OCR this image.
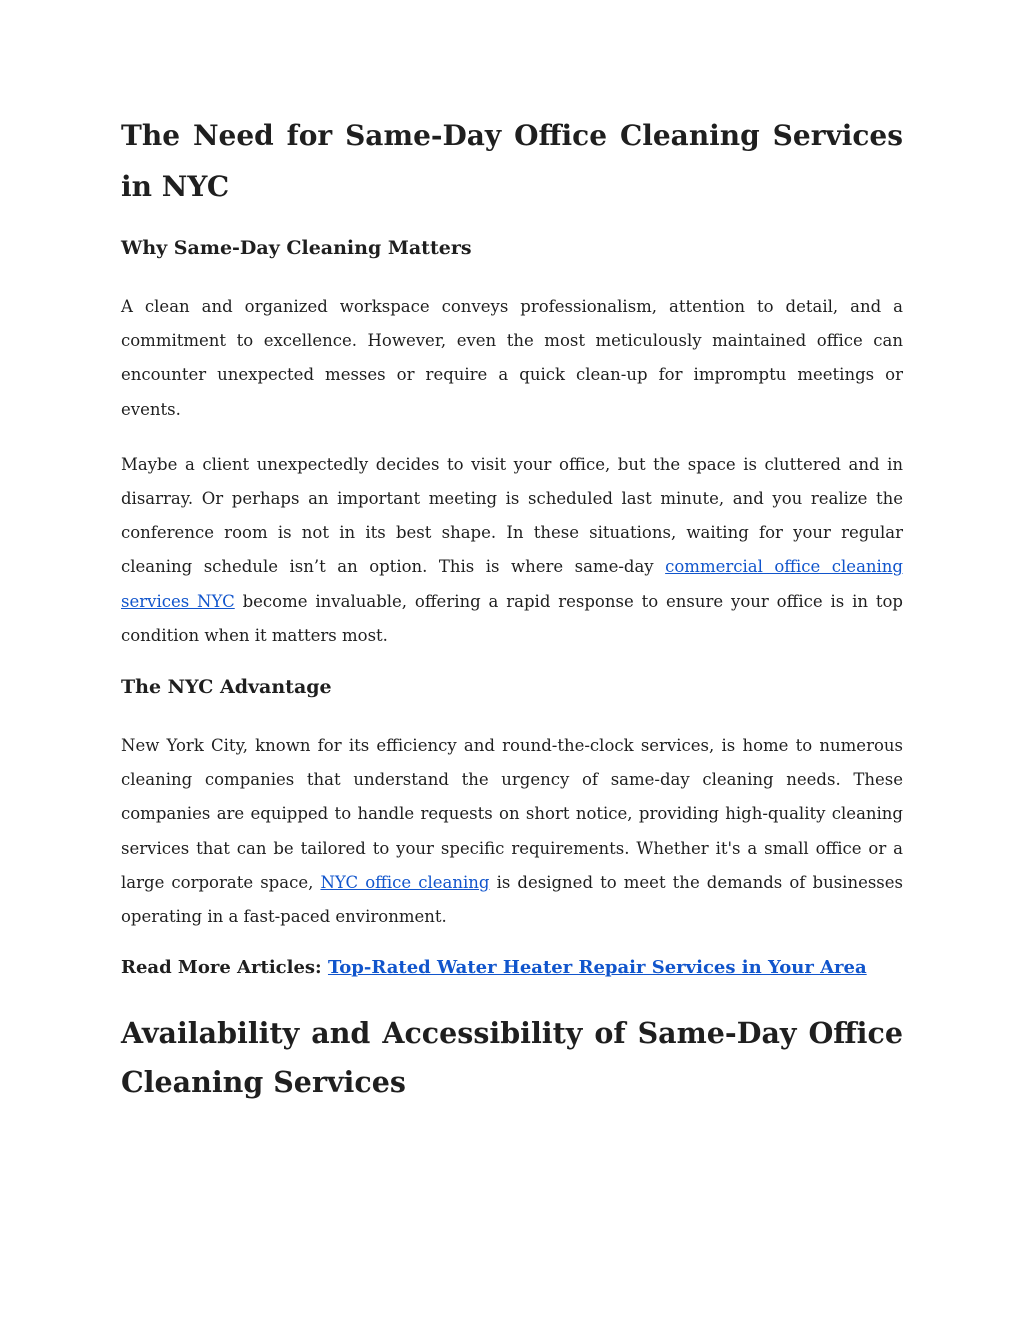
The Need for Same-Day Office Cleaning Services in NYC
Why Same-Day Cleaning Matters

A clean and organized workspace conveys professionalism, attention to detail, and a commitment to excellence. However, even the most meticulously maintained office can encounter unexpected messes or require a quick clean-up for impromptu meetings or events.

Maybe a client unexpectedly decides to visit your office, but the space is cluttered and in disarray. Or perhaps an important meeting is scheduled last minute, and you realize the conference room is not in its best shape. In these situations, waiting for your regular cleaning schedule isn’t an option. This is where same-day commercial office cleaning services NYC become invaluable, offering a rapid response to ensure your office is in top condition when it matters most.

The NYC Advantage

New York City, known for its efficiency and round-the-clock services, is home to numerous cleaning companies that understand the urgency of same-day cleaning needs. These companies are equipped to handle requests on short notice, providing high-quality cleaning services that can be tailored to your specific requirements. Whether it's a small office or a large corporate space, NYC office cleaning is designed to meet the demands of businesses operating in a fast-paced environment.

Read More Articles: Top-Rated Water Heater Repair Services in Your Area

Availability and Accessibility of Same-Day Office Cleaning Services
